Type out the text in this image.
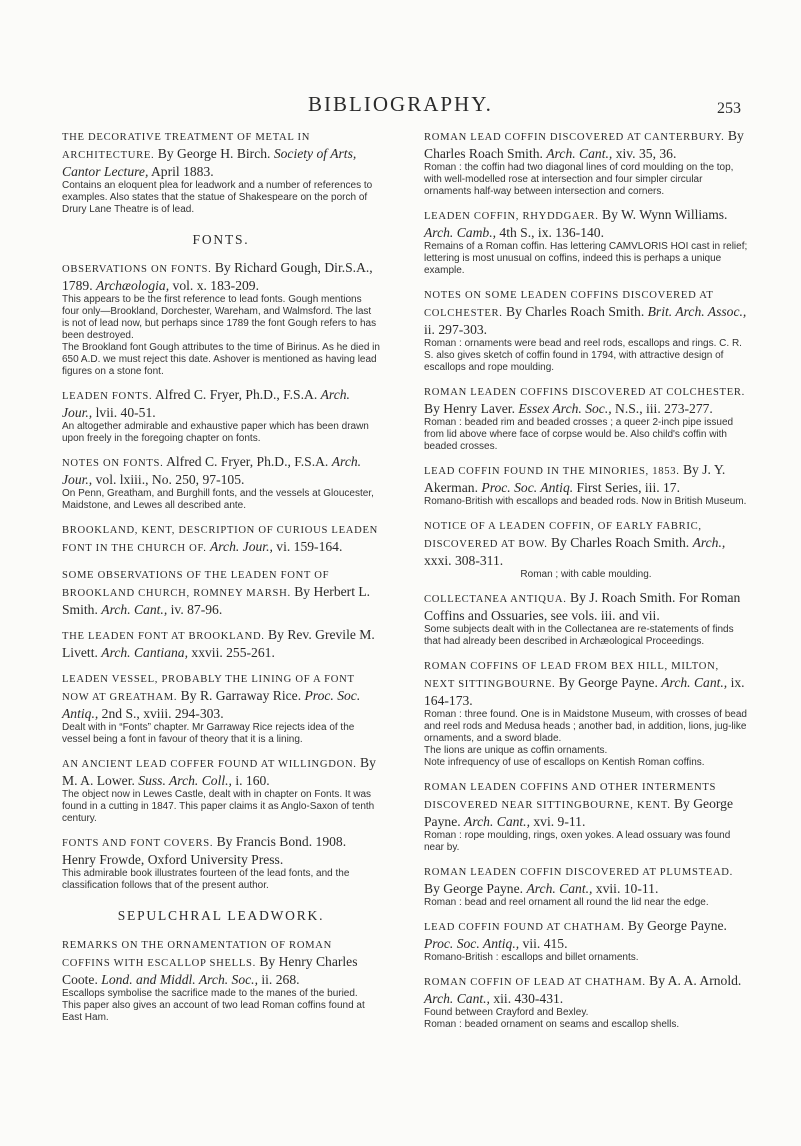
BIBLIOGRAPHY.	253

THE DECORATIVE TREATMENT OF METAL IN ARCHITECTURE. By George H. Birch. Society of Arts, Cantor Lecture, April 1883.

Contains an eloquent plea for leadwork and a number of references to examples. Also states that the statue of Shakespeare on the porch of Drury Lane Theatre is of lead.

FONTS.

OBSERVATIONS ON FONTS. By Richard Gough, Dir.S.A., 1789. Archæologia, vol. x. 183-209.

This appears to be the first reference to lead fonts. Gough mentions four only—Brookland, Dorchester, Wareham, and Walmsford. The last is not of lead now, but perhaps since 1789 the font Gough refers to has been destroyed.

The Brookland font Gough attributes to the time of Birinus. As he died in 650 A.D. we must reject this date. Ashover is mentioned as having lead figures on a stone font.

LEADEN FONTS. Alfred C. Fryer, Ph.D., F.S.A. Arch. Jour., lvii. 40-51.

An altogether admirable and exhaustive paper which has been drawn upon freely in the foregoing chapter on fonts.

NOTES ON FONTS. Alfred C. Fryer, Ph.D., F.S.A. Arch. Jour., vol. lxiii., No. 250, 97-105.

On Penn, Greatham, and Burghill fonts, and the vessels at Gloucester, Maidstone, and Lewes all described ante.

BROOKLAND, KENT, DESCRIPTION OF CURIOUS LEADEN FONT IN THE CHURCH OF. Arch. Jour., vi. 159-164.

SOME OBSERVATIONS OF THE LEADEN FONT OF BROOKLAND CHURCH, ROMNEY MARSH. By Herbert L. Smith. Arch. Cant., iv. 87-96.

THE LEADEN FONT AT BROOKLAND. By Rev. Grevile M. Livett. Arch. Cantiana, xxvii. 255-261.

LEADEN VESSEL, PROBABLY THE LINING OF A FONT NOW AT GREATHAM. By R. Garraway Rice. Proc. Soc. Antiq., 2nd S., xviii. 294-303.

Dealt with in “Fonts” chapter. Mr Garraway Rice rejects idea of the vessel being a font in favour of theory that it is a lining.

AN ANCIENT LEAD COFFER FOUND AT WILLINGDON. By M. A. Lower. Suss. Arch. Coll., i. 160.

The object now in Lewes Castle, dealt with in chapter on Fonts. It was found in a cutting in 1847. This paper claims it as Anglo-Saxon of tenth century.

FONTS AND FONT COVERS. By Francis Bond. 1908. Henry Frowde, Oxford University Press.

This admirable book illustrates fourteen of the lead fonts, and the classification follows that of the present author.

SEPULCHRAL LEADWORK.

REMARKS ON THE ORNAMENTATION OF ROMAN COFFINS WITH ESCALLOP SHELLS. By Henry Charles Coote. Lond. and Middl. Arch. Soc., ii. 268.

Escallops symbolise the sacrifice made to the manes of the buried.

This paper also gives an account of two lead Roman coffins found at East Ham.

ROMAN LEAD COFFIN DISCOVERED AT CANTERBURY. By Charles Roach Smith. Arch. Cant., xiv. 35, 36.

Roman : the coffin had two diagonal lines of cord moulding on the top, with well-modelled rose at intersection and four simpler circular ornaments half-way between intersection and corners.

LEADEN COFFIN, RHYDDGAER. By W. Wynn Williams. Arch. Camb., 4th S., ix. 136-140.

Remains of a Roman coffin. Has lettering CAMVLORIS HOI cast in relief; lettering is most unusual on coffins, indeed this is perhaps a unique example.

NOTES ON SOME LEADEN COFFINS DISCOVERED AT COLCHESTER. By Charles Roach Smith. Brit. Arch. Assoc., ii. 297-303.

Roman : ornaments were bead and reel rods, escallops and rings. C. R. S. also gives sketch of coffin found in 1794, with attractive design of escallops and rope moulding.

ROMAN LEADEN COFFINS DISCOVERED AT COLCHESTER. By Henry Laver. Essex Arch. Soc., N.S., iii. 273-277.

Roman : beaded rim and beaded crosses ; a queer 2-inch pipe issued from lid above where face of corpse would be. Also child's coffin with beaded crosses.

LEAD COFFIN FOUND IN THE MINORIES, 1853. By J. Y. Akerman. Proc. Soc. Antiq. First Series, iii. 17.

Romano-British with escallops and beaded rods. Now in British Museum.

NOTICE OF A LEADEN COFFIN, OF EARLY FABRIC, DISCOVERED AT BOW. By Charles Roach Smith. Arch., xxxi. 308-311.

Roman ; with cable moulding.

COLLECTANEA ANTIQUA. By J. Roach Smith. For Roman Coffins and Ossuaries, see vols. iii. and vii.

Some subjects dealt with in the Collectanea are re-statements of finds that had already been described in Archæological Proceedings.

ROMAN COFFINS OF LEAD FROM BEX HILL, MILTON, NEXT SITTINGBOURNE. By George Payne. Arch. Cant., ix. 164-173.

Roman : three found. One is in Maidstone Museum, with crosses of bead and reel rods and Medusa heads ; another bad, in addition, lions, jug-like ornaments, and a sword blade.

The lions are unique as coffin ornaments.

Note infrequency of use of escallops on Kentish Roman coffins.

ROMAN LEADEN COFFINS AND OTHER INTERMENTS DISCOVERED NEAR SITTINGBOURNE, KENT. By George Payne. Arch. Cant., xvi. 9-11.

Roman : rope moulding, rings, oxen yokes. A lead ossuary was found near by.

ROMAN LEADEN COFFIN DISCOVERED AT PLUMSTEAD. By George Payne. Arch. Cant., xvii. 10-11.

Roman : bead and reel ornament all round the lid near the edge.

LEAD COFFIN FOUND AT CHATHAM. By George Payne. Proc. Soc. Antiq., vii. 415.

Romano-British : escallops and billet ornaments.

ROMAN COFFIN OF LEAD AT CHATHAM. By A. A. Arnold. Arch. Cant., xii. 430-431.

Found between Crayford and Bexley.

Roman : beaded ornament on seams and escallop shells.
